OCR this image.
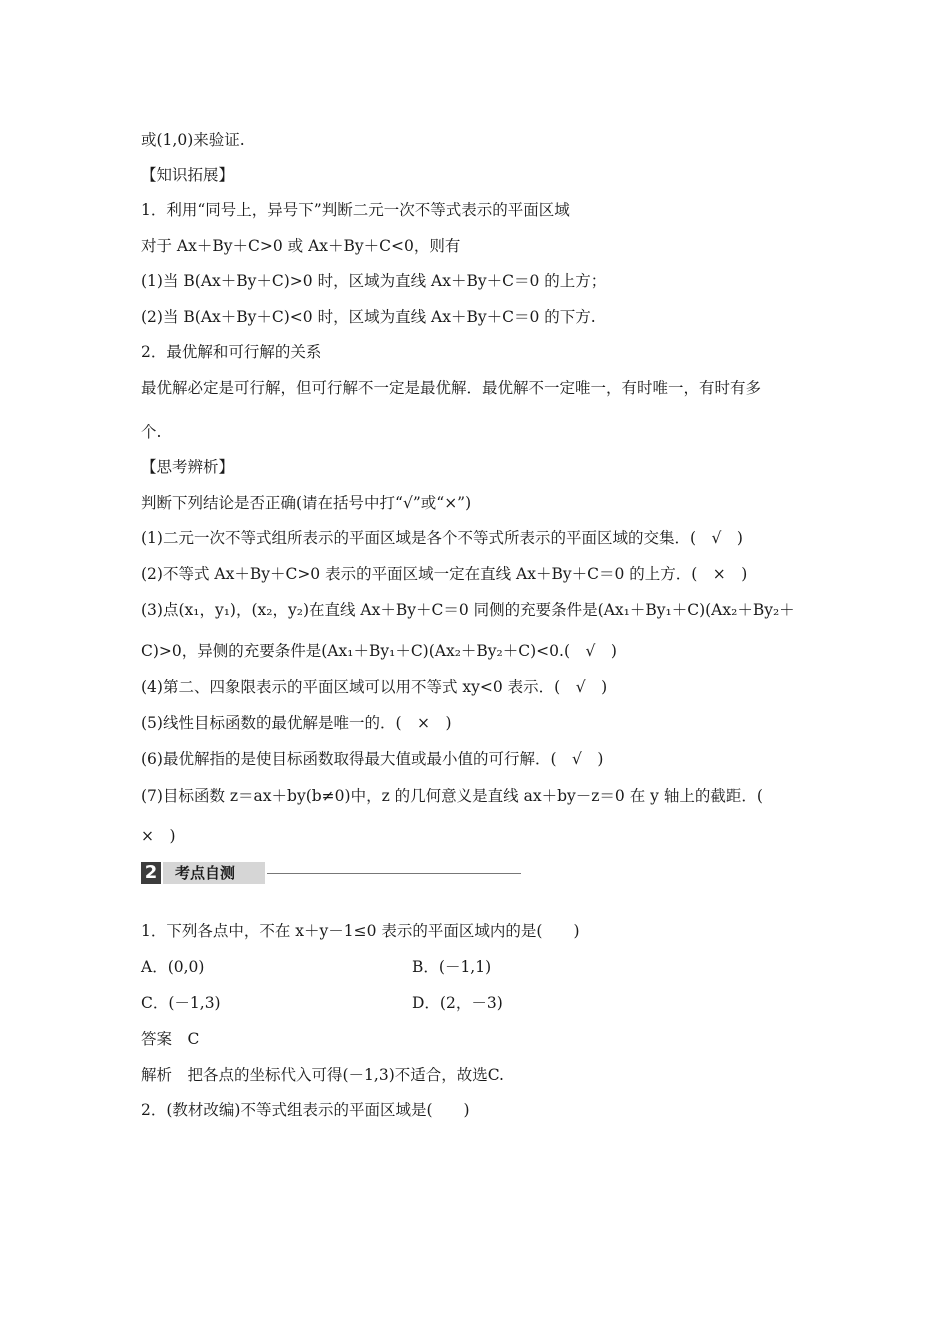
或(1,0)来验证.
【知识拓展】
1．利用“同号上，异号下”判断二元一次不等式表示的平面区域
对于 Ax＋By＋C>0 或 Ax＋By＋C<0，则有
(1)当 B(Ax＋By＋C)>0 时，区域为直线 Ax＋By＋C＝0 的上方；
(2)当 B(Ax＋By＋C)<0 时，区域为直线 Ax＋By＋C＝0 的下方.
2．最优解和可行解的关系
最优解必定是可行解，但可行解不一定是最优解．最优解不一定唯一，有时唯一，有时有多
个.
【思考辨析】
判断下列结论是否正确(请在括号中打“√”或“×”)
(1)二元一次不等式组所表示的平面区域是各个不等式所表示的平面区域的交集．(　√　)
(2)不等式 Ax＋By＋C>0 表示的平面区域一定在直线 Ax＋By＋C＝0 的上方．(　×　)
(3)点(x₁，y₁)，(x₂，y₂)在直线 Ax＋By＋C＝0 同侧的充要条件是(Ax₁＋By₁＋C)(Ax₂＋By₂＋
C)>0，异侧的充要条件是(Ax₁＋By₁＋C)(Ax₂＋By₂＋C)<0.(　√　)
(4)第二、四象限表示的平面区域可以用不等式 xy<0 表示．(　√　)
(5)线性目标函数的最优解是唯一的．(　×　)
(6)最优解指的是使目标函数取得最大值或最小值的可行解．(　√　)
(7)目标函数 z＝ax＋by(b≠0)中，z 的几何意义是直线 ax＋by－z＝0 在 y 轴上的截距．(
×　)
2	考点自测
1．下列各点中，不在 x＋y－1≤0 表示的平面区域内的是(　　)
A．(0,0)	B．(－1,1)
C．(－1,3)	D．(2，－3)
答案　C
解析　把各点的坐标代入可得(－1,3)不适合，故选C.
2．(教材改编)不等式组表示的平面区域是(　　)
